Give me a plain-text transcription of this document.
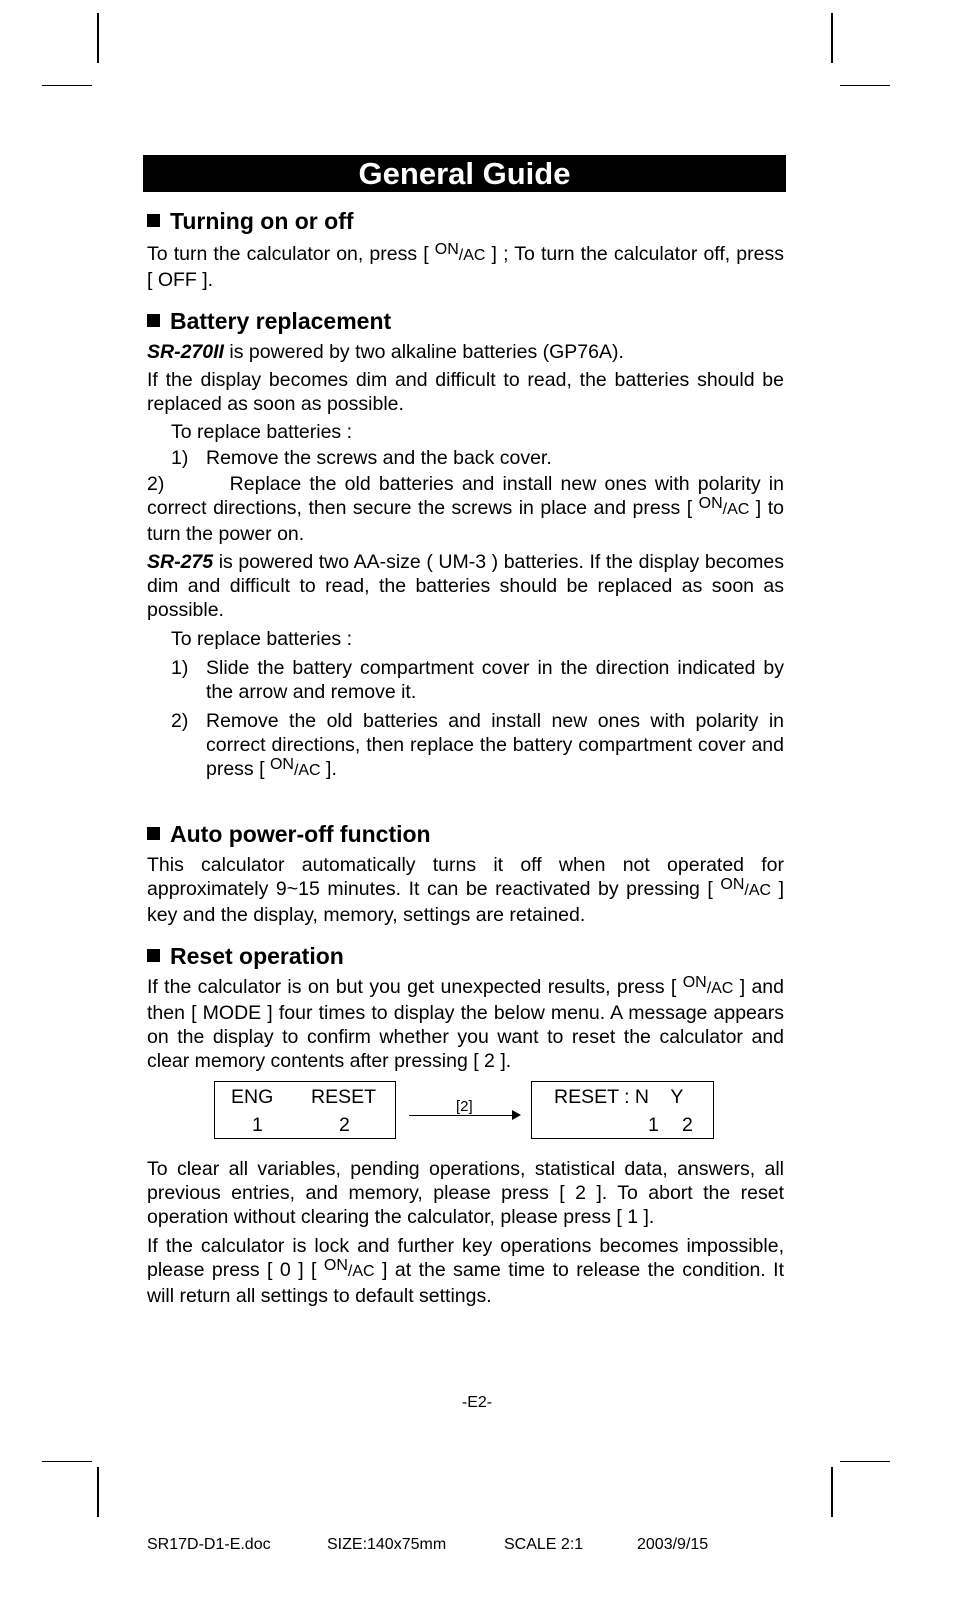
General Guide
Turning on or off

To turn the calculator on, press [ $^{ON}$/AC ] ; To turn the calculator off, press [ OFF ].

Battery replacement

SR-270II is powered by two alkaline batteries (GP76A).

If the display becomes dim and difficult to read, the batteries should be replaced as soon as possible.

To replace batteries :

1) Remove the screws and the back cover.

2)        Replace the old batteries and install new ones with polarity in correct directions, then secure the screws in place and press [ $^{ON}$/AC ] to turn the power on.

SR-275 is powered two AA-size ( UM-3 ) batteries. If the display becomes dim and difficult to read, the batteries should be replaced as soon as possible.

To replace batteries :

1) Slide the battery compartment cover in the direction indicated by the arrow and remove it.
2) Remove the old batteries and install new ones with polarity in correct directions, then replace the battery compartment cover and press [ $^{ON}$/AC ].
Auto power-off function

This calculator automatically turns it off when not operated for approximately 9~15 minutes. It can be reactivated by pressing [ $^{ON}$/AC ] key and the display, memory, settings are retained.

Reset operation

If the calculator is on but you get unexpected results, press [ $^{ON}$/AC ] and then [ MODE ] four times to display the below menu. A message appears on the display to confirm whether you want to reset the calculator and clear memory contents after pressing [ 2 ].

ENG RESET
1	2
[2]	RESET : N    Y
1 2

To clear all variables, pending operations, statistical data, answers, all previous entries, and memory, please press [ 2 ]. To abort the reset operation without clearing the calculator, please press [ 1 ].

If the calculator is lock and further key operations becomes impossible, please press [ 0 ] [ $^{ON}$/AC ] at the same time to release the condition. It will return all settings to default settings.

-E2-
SR17D-D1-E.doc	SIZE:140x75mm	SCALE 2:1	2003/9/15
